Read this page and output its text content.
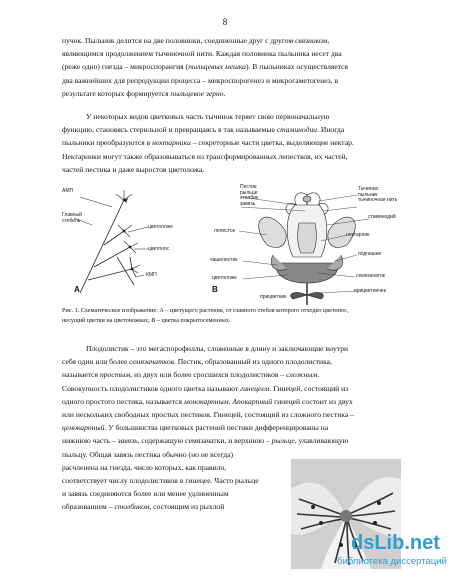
8
пучок. Пыльник делится на две половинки, соединенные друг с другом связником,
являющимся продолжением тычиночной нити. Каждая половинка пыльника несет два
(реже одно) гнезда – микроспорангия (пыльцевых мешка). В пыльниках осуществляется
два важнейших для репродукции процесса – микроспорогенез и микрогаметогенез, в
результате которых формируется пыльцевое зерно.
У некоторых видов цветковых часть тычинок теряет свою первоначальную
функцию, становясь стерильной и превращаясь в так называемые стаминодии. Иногда
пыльники преобразуются в нектарники – секреторные части цветка, выделяющие нектар.
Нектарники могут также образовываться из трансформированных лепестков, их частей,
частей пестика и даже выростов цветоложа.
АМП
Главный
стебель
цветоложе
цветонос
КМП
А
Пестик:
рыльце
столбик
завязь
Тычинка:
пыльник
тычиночная нить
стаминодий
лепесток
нектарник
чашелистик
подчашие
цветоложе	семязачаток
прицветник
прицветничек
В
Рис. 1. Схематическое изображение: А – цветущего растения, от главного стебля которого отходит цветонос,
несущий цветки на цветоножках; В – цветка покрытосеменных.
Плодолистик – это мегаспорофиллы, сложенные в длину и заключающие внутри
себя один или более семязачатков. Пестик, образованный из одного плодолистика,
называется простым, из двух или более сросшихся плодолистиков – сложным.
Совокупность плодолистиков одного цветка называют гинецеем. Гинецей, состоящий из
одного простого пестика, называется монокарпным. Апокарпный гинецей состоит из двух
или нескольких свободных простых пестиков. Гинецей, состоящий из сложного пестика –
ценокарпный. У большинства цветковых растений пестики дифференцированы на
нижнюю часть – завязь, содержащую семязачатки, и верхнюю – рыльце, улавливающую
пыльцу. Общая завязь пестика обычно (но не всегда)
расчленена на гнезда, число которых, как правило,
соответствует числу плодолистиков в гинецее. Часто рыльце
и завязь соединяются более или менее удлиненным
образованием – столбиком, состоящим из рыхлой
dsLib.net
библиотека диссертаций
